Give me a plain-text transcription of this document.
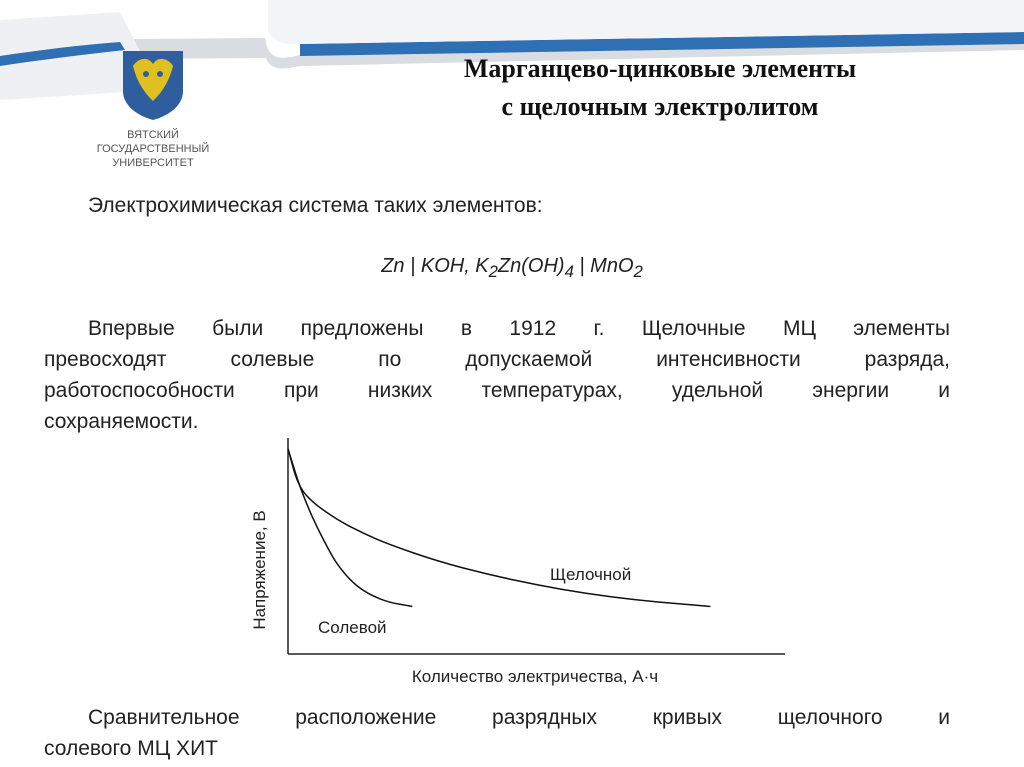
ВЯТСКИЙ
ГОСУДАРСТВЕННЫЙ
УНИВЕРСИТЕТ
Марганцево-цинковые элементы
с щелочным электролитом
Электрохимическая система таких элементов:
Zn | KOH, $K_2Zn(OH)_4$ | MnO$_2$
Впервые были предложены в 1912 г. Щелочные МЦ элементы
превосходят солевые по допускаемой интенсивности разряда,
работоспособности при низких температурах, удельной энергии и
сохраняемости.
Щелочной
Солевой
Напряжение, В
Количество электричества, А·ч
Сравнительное расположение разрядных кривых щелочного и
солевого МЦ ХИТ
